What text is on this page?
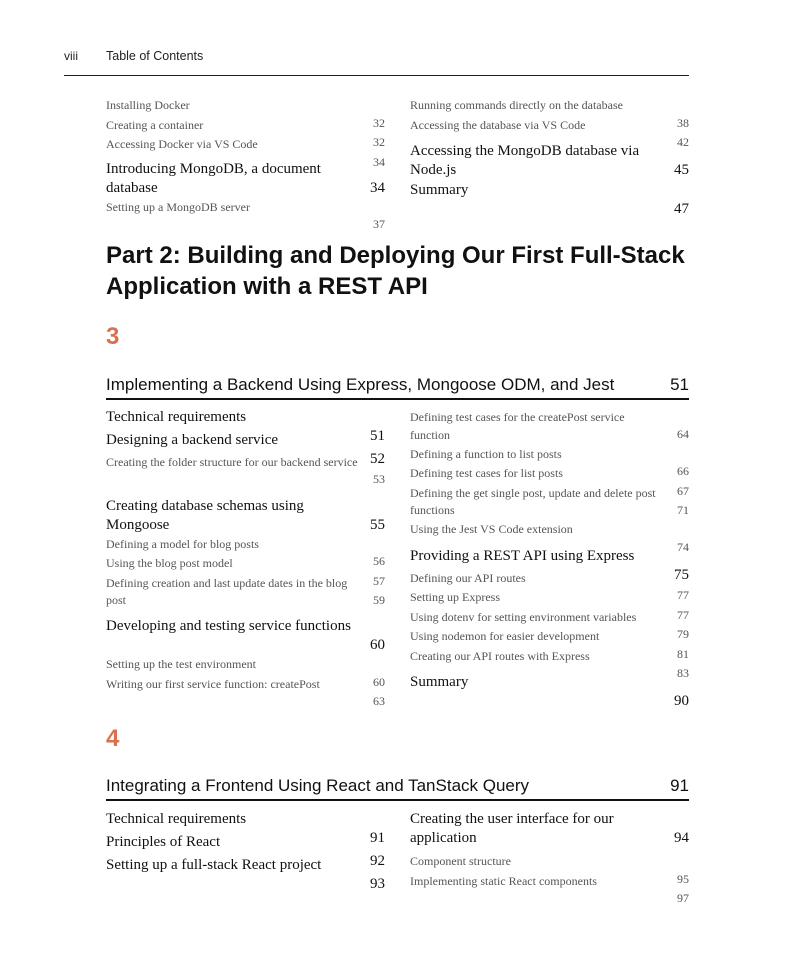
viii Table of Contents
Installing Docker
32
Creating a container
32
Accessing Docker via VS Code
34
Introducing MongoDB, a document database	34
Setting up a MongoDB server
37
Running commands directly on the database
38
Accessing the database via VS Code
42
Accessing the MongoDB database via Node.js	45
Summary
47
Part 2: Building and Deploying Our First Full-Stack Application with a REST API
3
Implementing a Backend Using Express, Mongoose ODM, and Jest	51
Technical requirements
51
Designing a backend service
52
Creating the folder structure for our backend service
53
Creating database schemas using Mongoose	55
Defining a model for blog posts
56
Using the blog post model
57
Defining creation and last update dates in the blog post	59
Developing and testing service functions
60
Setting up the test environment
60
Writing our first service function: createPost
63
Defining test cases for the createPost service function	64
Defining a function to list posts
66
Defining test cases for list posts
67
Defining the get single post, update and delete post functions	71
Using the Jest VS Code extension
74
Providing a REST API using Express
75
Defining our API routes
77
Setting up Express
77
Using dotenv for setting environment variables
79
Using nodemon for easier development
81
Creating our API routes with Express
83
Summary
90
4
Integrating a Frontend Using React and TanStack Query	91
Technical requirements
91
Principles of React
92
Setting up a full-stack React project
93
Creating the user interface for our application	94
Component structure
95
Implementing static React components
97
